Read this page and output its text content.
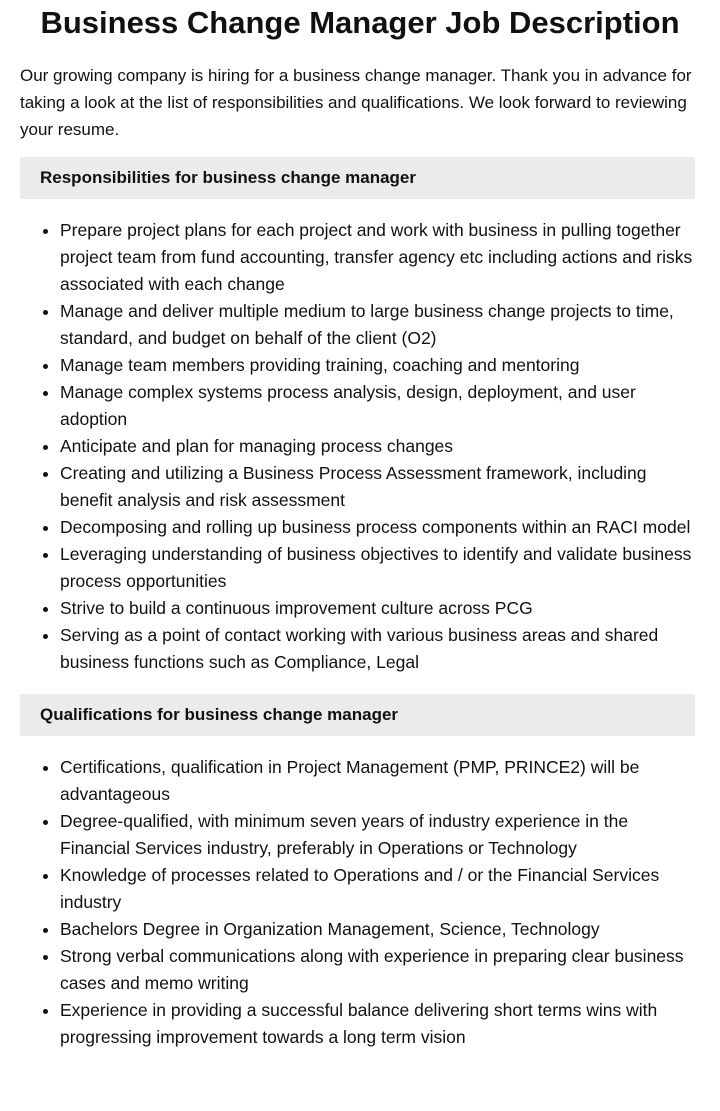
Business Change Manager Job Description

Our growing company is hiring for a business change manager. Thank you in advance for taking a look at the list of responsibilities and qualifications. We look forward to reviewing your resume.

Responsibilities for business change manager
• Prepare project plans for each project and work with business in pulling together project team from fund accounting, transfer agency etc including actions and risks associated with each change
• Manage and deliver multiple medium to large business change projects to time, standard, and budget on behalf of the client (O2)
• Manage team members providing training, coaching and mentoring
• Manage complex systems process analysis, design, deployment, and user adoption
• Anticipate and plan for managing process changes
• Creating and utilizing a Business Process Assessment framework, including benefit analysis and risk assessment
• Decomposing and rolling up business process components within an RACI model
• Leveraging understanding of business objectives to identify and validate business process opportunities
• Strive to build a continuous improvement culture across PCG
• Serving as a point of contact working with various business areas and shared business functions such as Compliance, Legal
Qualifications for business change manager
• Certifications, qualification in Project Management (PMP, PRINCE2) will be advantageous
• Degree-qualified, with minimum seven years of industry experience in the Financial Services industry, preferably in Operations or Technology
• Knowledge of processes related to Operations and / or the Financial Services industry
• Bachelors Degree in Organization Management, Science, Technology
• Strong verbal communications along with experience in preparing clear business cases and memo writing
• Experience in providing a successful balance delivering short terms wins with progressing improvement towards a long term vision
